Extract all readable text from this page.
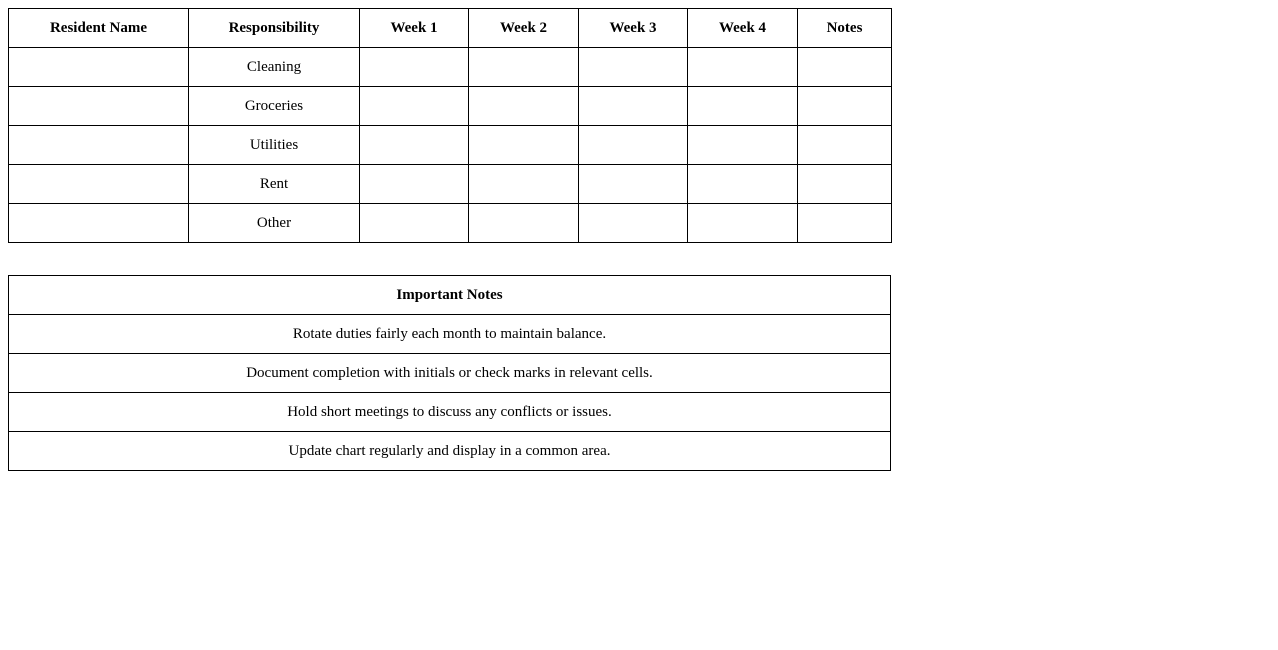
Resident Name	Responsibility	Week 1	Week 2	Week 3	Week 4	Notes
	Cleaning					
	Groceries					
	Utilities					
	Rent					
	Other					
Important Notes
Rotate duties fairly each month to maintain balance.
Document completion with initials or check marks in relevant cells.
Hold short meetings to discuss any conflicts or issues.
Update chart regularly and display in a common area.
